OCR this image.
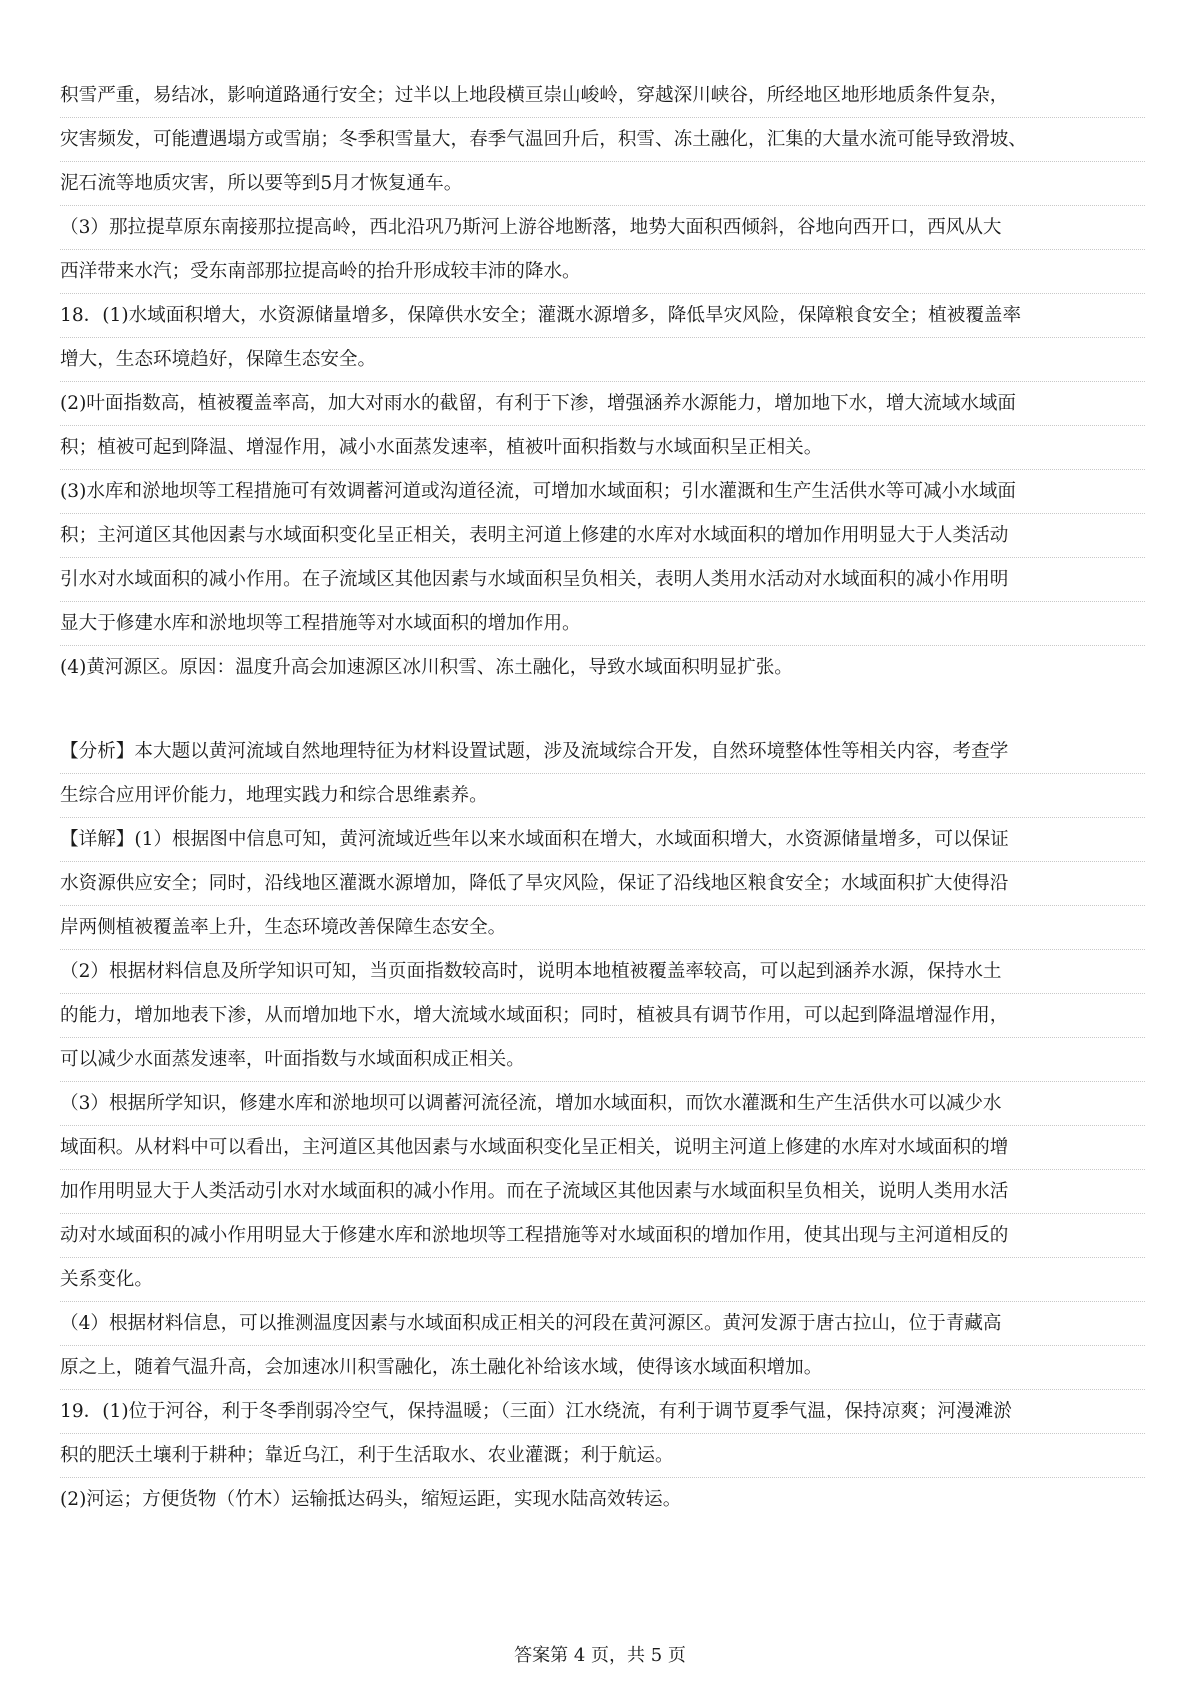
积雪严重，易结冰，影响道路通行安全；过半以上地段横亘崇山峻岭，穿越深川峡谷，所经地区地形地质条件复杂，
灾害频发，可能遭遇塌方或雪崩；冬季积雪量大，春季气温回升后，积雪、冻土融化，汇集的大量水流可能导致滑坡、
泥石流等地质灾害，所以要等到5月才恢复通车。
（3）那拉提草原东南接那拉提高岭，西北沿巩乃斯河上游谷地断落，地势大面积西倾斜，谷地向西开口，西风从大
西洋带来水汽；受东南部那拉提高岭的抬升形成较丰沛的降水。
18．(1)水域面积增大，水资源储量增多，保障供水安全；灌溉水源增多，降低旱灾风险，保障粮食安全；植被覆盖率
增大，生态环境趋好，保障生态安全。
(2)叶面指数高，植被覆盖率高，加大对雨水的截留，有利于下渗，增强涵养水源能力，增加地下水，增大流域水域面
积；植被可起到降温、增湿作用，减小水面蒸发速率，植被叶面积指数与水域面积呈正相关。
(3)水库和淤地坝等工程措施可有效调蓄河道或沟道径流，可增加水域面积；引水灌溉和生产生活供水等可减小水域面
积；主河道区其他因素与水域面积变化呈正相关，表明主河道上修建的水库对水域面积的增加作用明显大于人类活动
引水对水域面积的减小作用。在子流域区其他因素与水域面积呈负相关，表明人类用水活动对水域面积的减小作用明
显大于修建水库和淤地坝等工程措施等对水域面积的增加作用。
(4)黄河源区。原因：温度升高会加速源区冰川积雪、冻土融化，导致水域面积明显扩张。
【分析】本大题以黄河流域自然地理特征为材料设置试题，涉及流域综合开发，自然环境整体性等相关内容，考查学
生综合应用评价能力，地理实践力和综合思维素养。
【详解】(1）根据图中信息可知，黄河流域近些年以来水域面积在增大，水域面积增大，水资源储量增多，可以保证
水资源供应安全；同时，沿线地区灌溉水源增加，降低了旱灾风险，保证了沿线地区粮食安全；水域面积扩大使得沿
岸两侧植被覆盖率上升，生态环境改善保障生态安全。
（2）根据材料信息及所学知识可知，当页面指数较高时，说明本地植被覆盖率较高，可以起到涵养水源，保持水土
的能力，增加地表下渗，从而增加地下水，增大流域水域面积；同时，植被具有调节作用，可以起到降温增湿作用，
可以减少水面蒸发速率，叶面指数与水域面积成正相关。
（3）根据所学知识，修建水库和淤地坝可以调蓄河流径流，增加水域面积，而饮水灌溉和生产生活供水可以减少水
域面积。从材料中可以看出，主河道区其他因素与水域面积变化呈正相关，说明主河道上修建的水库对水域面积的增
加作用明显大于人类活动引水对水域面积的减小作用。而在子流域区其他因素与水域面积呈负相关，说明人类用水活
动对水域面积的减小作用明显大于修建水库和淤地坝等工程措施等对水域面积的增加作用，使其出现与主河道相反的
关系变化。
（4）根据材料信息，可以推测温度因素与水域面积成正相关的河段在黄河源区。黄河发源于唐古拉山，位于青藏高
原之上，随着气温升高，会加速冰川积雪融化，冻土融化补给该水域，使得该水域面积增加。
19．(1)位于河谷，利于冬季削弱冷空气，保持温暖；（三面）江水绕流，有利于调节夏季气温，保持凉爽；河漫滩淤
积的肥沃土壤利于耕种；靠近乌江，利于生活取水、农业灌溉；利于航运。
(2)河运；方便货物（竹木）运输抵达码头，缩短运距，实现水陆高效转运。
答案第 4 页，共 5 页
